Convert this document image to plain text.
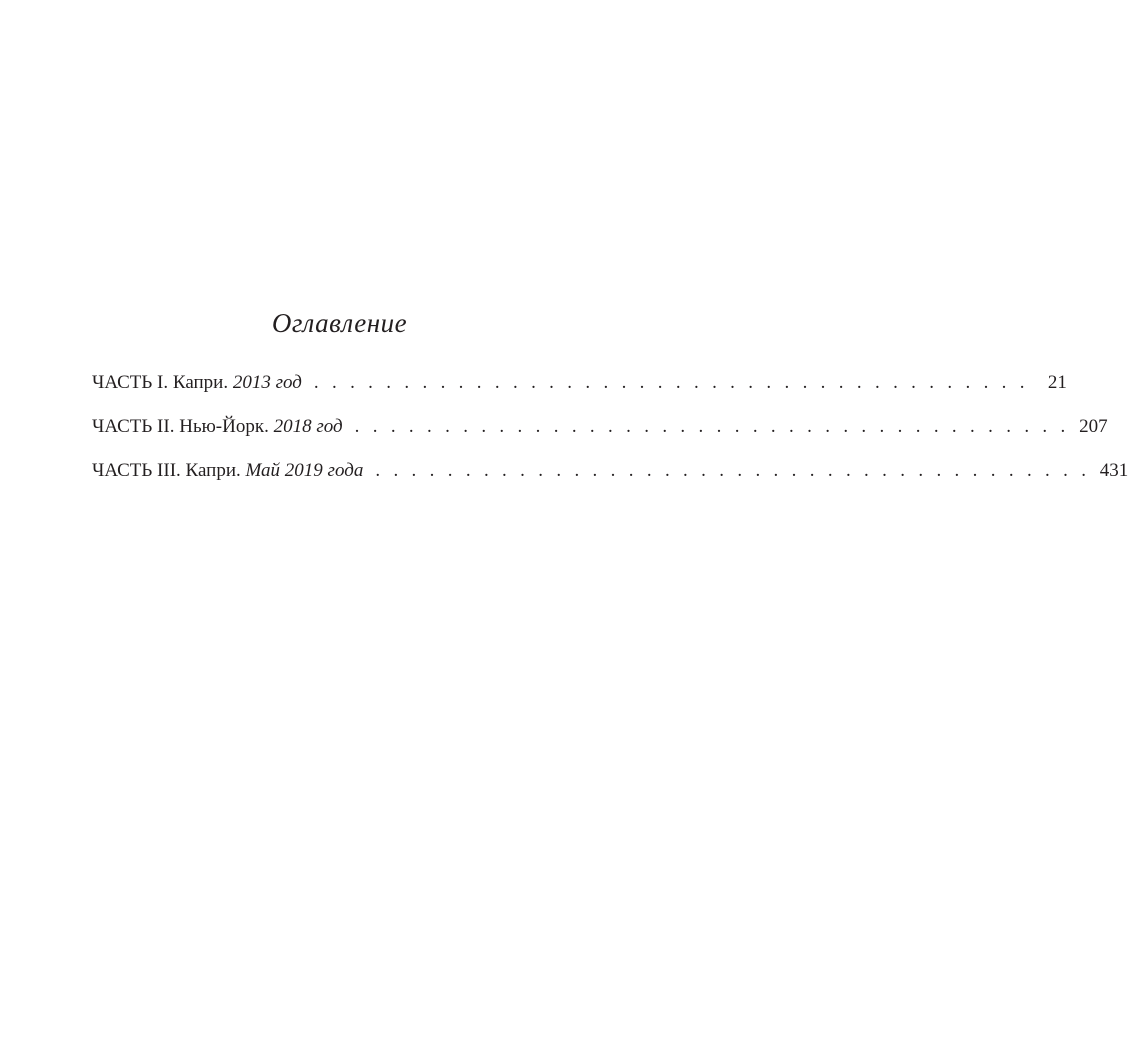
Оглавление
ЧАСТЬ I. Капри. 2013 год . . . . . . . . . . . . . . . . . . . . . . . . . . . . . . . . . . . . . . . .	21
ЧАСТЬ II. Нью-Йорк. 2018 год . . . . . . . . . . . . . . . . . . . . . . . . . . . . . . . . . . . . . . . . 207
ЧАСТЬ III. Капри. Май 2019 года . . . . . . . . . . . . . . . . . . . . . . . . . . . . . . . . . . . . . . . . 431
